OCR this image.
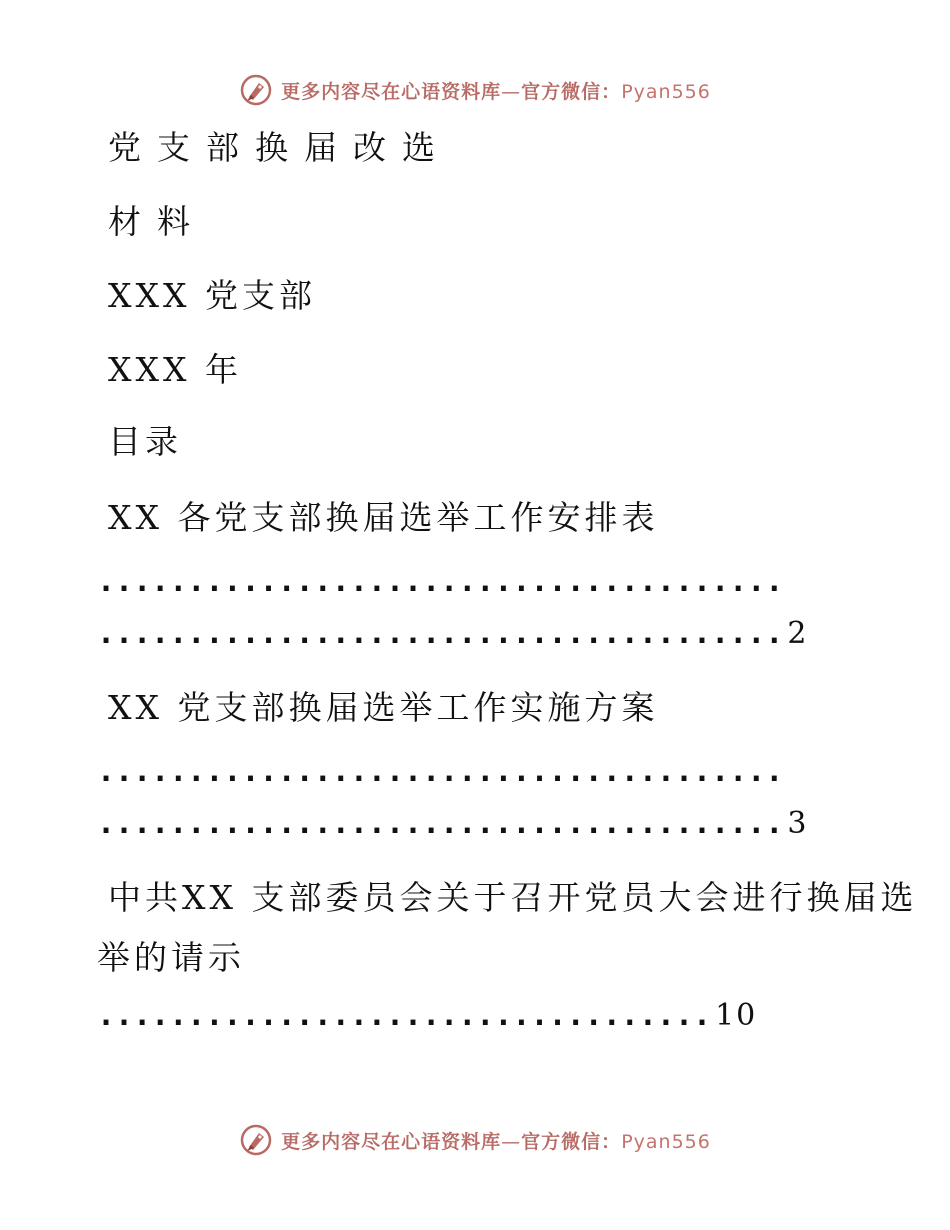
更多内容尽在心语资料库—官方微信：Pyan556
党支部换届改选
材料
XXX 党支部
XXX 年
目录
XX 各党支部换届选举工作安排表
......................................
...................................... 2
XX 党支部换届选举工作实施方案
......................................
...................................... 3
中共XX 支部委员会关于召开党员大会进行换届选
举的请示
.................................. 10
更多内容尽在心语资料库—官方微信：Pyan556
